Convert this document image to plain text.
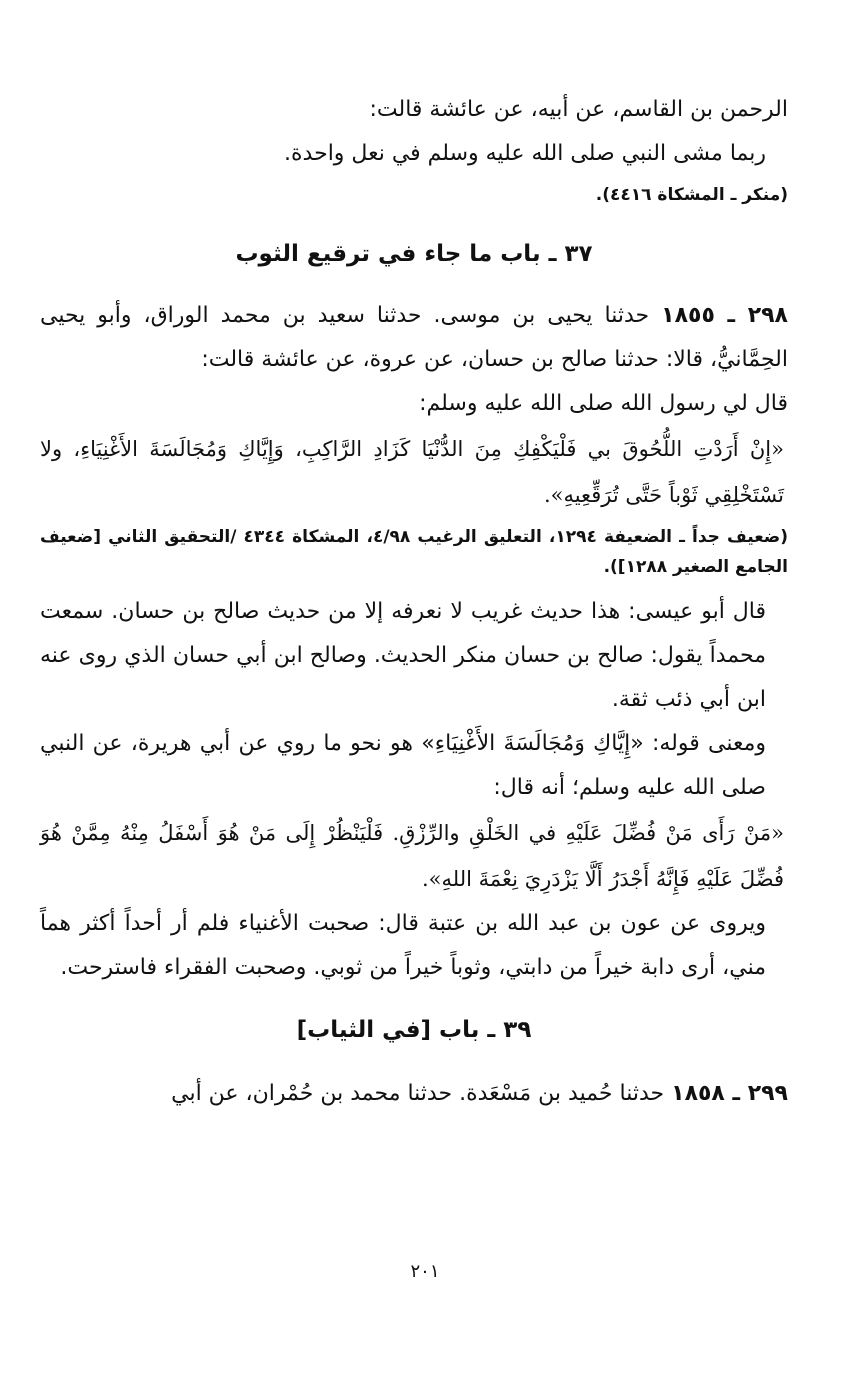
الرحمن بن القاسم، عن أبيه، عن عائشة قالت:

ربما مشى النبي صلى الله عليه وسلم في نعل واحدة.

(منكر ـ المشكاة ٤٤١٦).

٣٧ ـ باب ما جاء في ترقيع الثوب

٢٩٨ ـ ١٨٥٥ حدثنا يحيى بن موسى. حدثنا سعيد بن محمد الوراق، وأبو يحيى الحِمَّانيُّ، قالا: حدثنا صالح بن حسان، عن عروة، عن عائشة قالت:

قال لي رسول الله صلى الله عليه وسلم:

«إِنْ أَرَدْتِ اللُّحُوقَ بي فَلْيَكْفِكِ مِنَ الدُّنْيَا كَزَادِ الرَّاكِبِ، وَإِيَّاكِ وَمُجَالَسَةَ الأَغْنِيَاءِ، ولا تَسْتَخْلِقِي ثَوْباً حَتَّى تُرَقِّعِيهِ».

(ضعيف جداً ـ الضعيفة ١٢٩٤، التعليق الرغيب ٤/٩٨، المشكاة ٤٣٤٤ /التحقيق الثاني [ضعيف الجامع الصغير ١٢٨٨]).

قال أبو عيسى: هذا حديث غريب لا نعرفه إلا من حديث صالح بن حسان. سمعت محمداً يقول: صالح بن حسان منكر الحديث. وصالح ابن أبي حسان الذي روى عنه ابن أبي ذئب ثقة.

ومعنى قوله: «إِيَّاكِ وَمُجَالَسَةَ الأَغْنِيَاءِ» هو نحو ما روي عن أبي هريرة، عن النبي صلى الله عليه وسلم؛ أنه قال:

«مَنْ رَأَى مَنْ فُضِّلَ عَلَيْهِ في الخَلْقِ والرِّزْقِ. فَلْيَنْظُرْ إِلَى مَنْ هُوَ أَسْفَلُ مِنْهُ مِمَّنْ هُوَ فُضِّلَ عَلَيْهِ فَإِنَّهُ أَجْدَرُ أَلَّا يَزْدَرِيَ نِعْمَةَ اللهِ».

ويروى عن عون بن عبد الله بن عتبة قال: صحبت الأغنياء فلم أر أحداً أكثر هماً مني، أرى دابة خيراً من دابتي، وثوباً خيراً من ثوبي. وصحبت الفقراء فاسترحت.

٣٩ ـ باب [في الثياب]

٢٩٩ ـ ١٨٥٨ حدثنا حُميد بن مَسْعَدة. حدثنا محمد بن حُمْران، عن أبي

٢٠١
